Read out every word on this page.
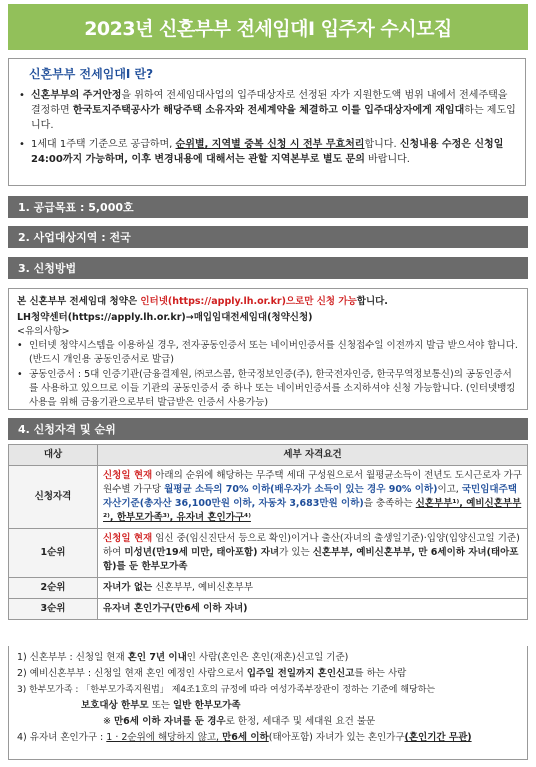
2023년 신혼부부 전세임대Ⅰ 입주자 수시모집
신혼부부 전세임대Ⅰ 란?
• 신혼부부의 주거안정을 위하여 전세임대사업의 입주대상자로 선정된 자가 지원한도액 범위 내에서 전세주택을 결정하면 한국토지주택공사가 해당주택 소유자와 전세계약을 체결하고 이를 입주대상자에게 재임대하는 제도입니다.
• 1세대 1주택 기준으로 공급하며, 순위별, 지역별 중복 신청 시 전부 무효처리합니다. 신청내용 수정은 신청일 24:00까지 가능하며, 이후 변경내용에 대해서는 관할 지역본부로 별도 문의 바랍니다.
1. 공급목표 : 5,000호
2. 사업대상지역 : 전국
3. 신청방법
본 신혼부부 전세임대 청약은 인터넷(https://apply.lh.or.kr)으로만 신청 가능합니다.
LH청약센터(https://apply.lh.or.kr)→매입임대전세임대(청약신청)
<유의사항>
• 인터넷 청약시스템을 이용하실 경우, 전자공동인증서 또는 네이버인증서를 신청접수일 이전까지 발급 받으셔야 합니다. (반드시 개인용 공동인증서로 발급)
• 공동인증서 : 5대 인증기관(금융결제원, ㈜코스콤, 한국정보인증(주), 한국전자인증, 한국무역정보통신)의 공동인증서를 사용하고 있으므로 이들 기관의 공동인증서 중 하나 또는 네이버인증서를 소지하셔야 신청 가능합니다. (인터넷뱅킹 사용을 위해 금융기관으로부터 발급받은 인증서 사용가능)
4. 신청자격 및 순위
대상	세부 자격요건
신청자격	신청일 현재 아래의 순위에 해당하는 무주택 세대 구성원으로서 월평균소득이 전년도 도시근로자 가구원수별 가구당 월평균 소득의 70% 이하(배우자가 소득이 있는 경우 90% 이하)이고, 국민임대주택 자산기준(총자산 36,100만원 이하, 자동차 3,683만원 이하)을 충족하는 신혼부부¹⁾, 예비신혼부부²⁾, 한부모가족³⁾, 유자녀 혼인가구⁴⁾
1순위	신청일 현재 임신 중(임신진단서 등으로 확인)이거나 출산(자녀의 출생일기준)·입양(입양신고일 기준)하여 미성년(만19세 미만, 태아포함) 자녀가 있는 신혼부부, 예비신혼부부, 만 6세이하 자녀(태아포함)를 둔 한부모가족
2순위	자녀가 없는 신혼부부, 예비신혼부부
3순위	유자녀 혼인가구(만6세 이하 자녀)
1) 신혼부부 : 신청일 현재 혼인 7년 이내인 사람(혼인은 혼인(재혼)신고일 기준)
2) 예비신혼부부 : 신청일 현재 혼인 예정인 사람으로서 입주일 전일까지 혼인신고를 하는 사람
3) 한부모가족 : 「한부모가족지원법」 제4조1호의 규정에 따라 여성가족부장관이 정하는 기준에 해당하는
보호대상 한부모 또는 일반 한부모가족
※ 만6세 이하 자녀를 둔 경우로 한정, 세대주 및 세대원 요건 불문
4) 유자녀 혼인가구 : 1 · 2순위에 해당하지 않고, 만6세 이하(태아포함) 자녀가 있는 혼인가구(혼인기간 무관)
